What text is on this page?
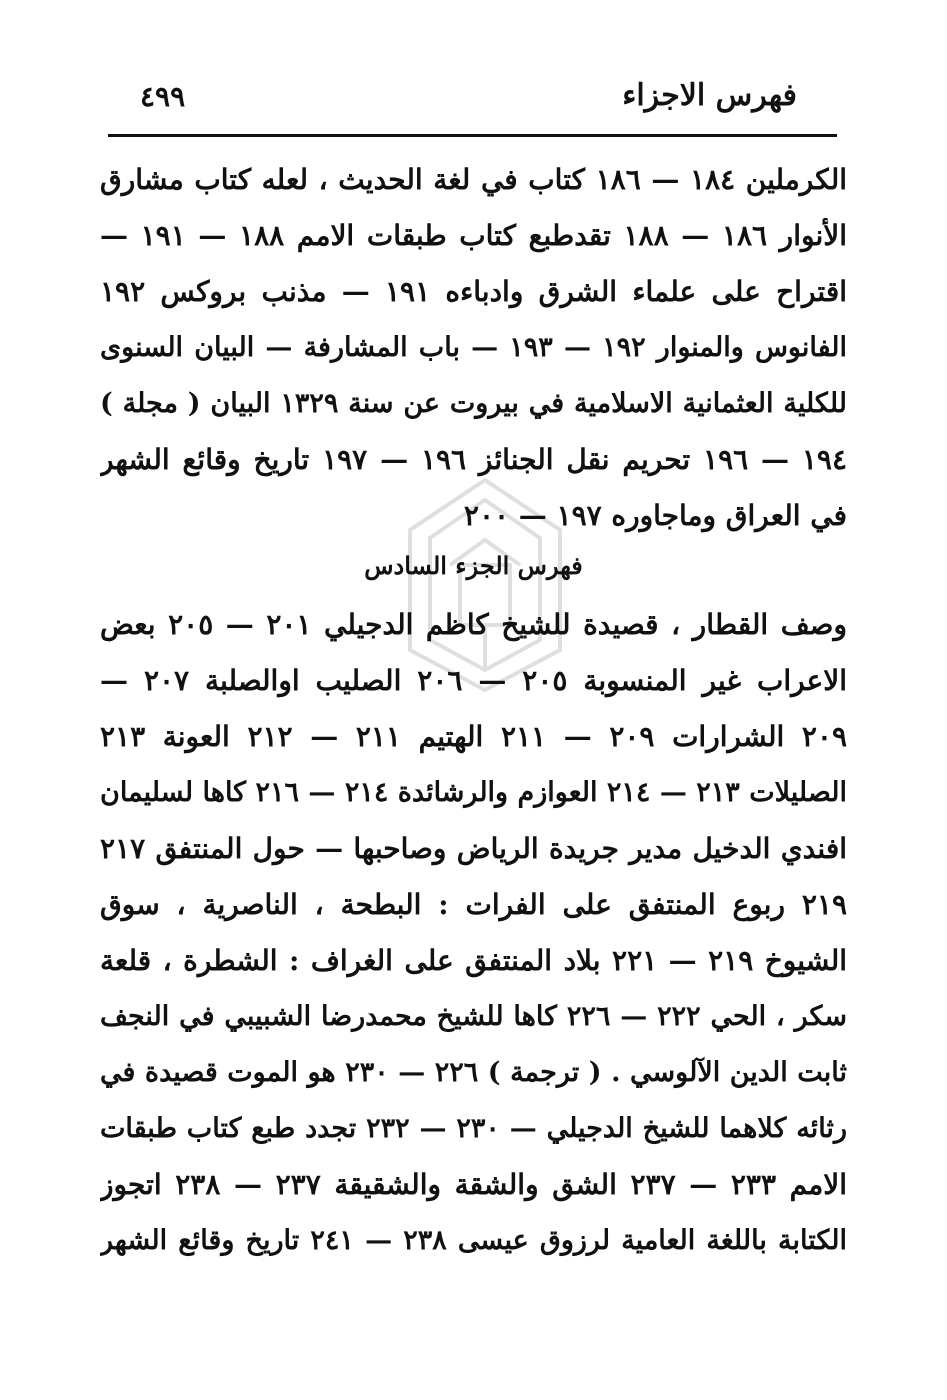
فهرس الاجزاء
٤٩٩
الكرملين ١٨٤ — ١٨٦ كتاب في لغة الحديث ، لعله كتاب مشارق
الأنوار ١٨٦ — ١٨٨ تقدطبع كتاب طبقات الامم ١٨٨ — ١٩١ —
اقتراح على علماء الشرق وادباءه ١٩١ — مذنب بروكس ١٩٢
الفانوس والمنوار ١٩٢ — ١٩٣ — باب المشارفة — البيان السنوى
للكلية العثمانية الاسلامية في بيروت عن سنة ١٣٢٩ البيان ( مجلة )
١٩٤ — ١٩٦ تحريم نقل الجنائز ١٩٦ — ١٩٧ تاريخ وقائع الشهر
في العراق وماجاوره ١٩٧ — ٢٠٠
فهرس الجزء السادس
وصف القطار ، قصيدة للشيخ كاظم الدجيلي ٢٠١ — ٢٠٥ بعض
الاعراب غير المنسوبة ٢٠٥ — ٢٠٦ الصليب اوالصلبة ٢٠٧ —
٢٠٩ الشرارات ٢٠٩ — ٢١١ الهتيم ٢١١ — ٢١٢ العونة ٢١٣
الصليلات ٢١٣ — ٢١٤ العوازم والرشائدة ٢١٤ — ٢١٦ كاها لسليمان
افندي الدخيل مدير جريدة الرياض وصاحبها — حول المنتفق ٢١٧
٢١٩ ربوع المنتفق على الفرات : البطحة ، الناصرية ، سوق
الشيوخ ٢١٩ — ٢٢١ بلاد المنتفق على الغراف : الشطرة ، قلعة
سكر ، الحي ٢٢٢ — ٢٢٦ كاها للشيخ محمدرضا الشبيبي في النجف
ثابت الدين الآلوسي . ( ترجمة ) ٢٢٦ — ٢٣٠ هو الموت قصيدة في
رثائه كلاهما للشيخ الدجيلي — ٢٣٠ — ٢٣٢ تجدد طبع كتاب طبقات
الامم ٢٣٣ — ٢٣٧ الشق والشقة والشقيقة ٢٣٧ — ٢٣٨ اتجوز
الكتابة باللغة العامية لرزوق عيسى ٢٣٨ — ٢٤١ تاريخ وقائع الشهر
